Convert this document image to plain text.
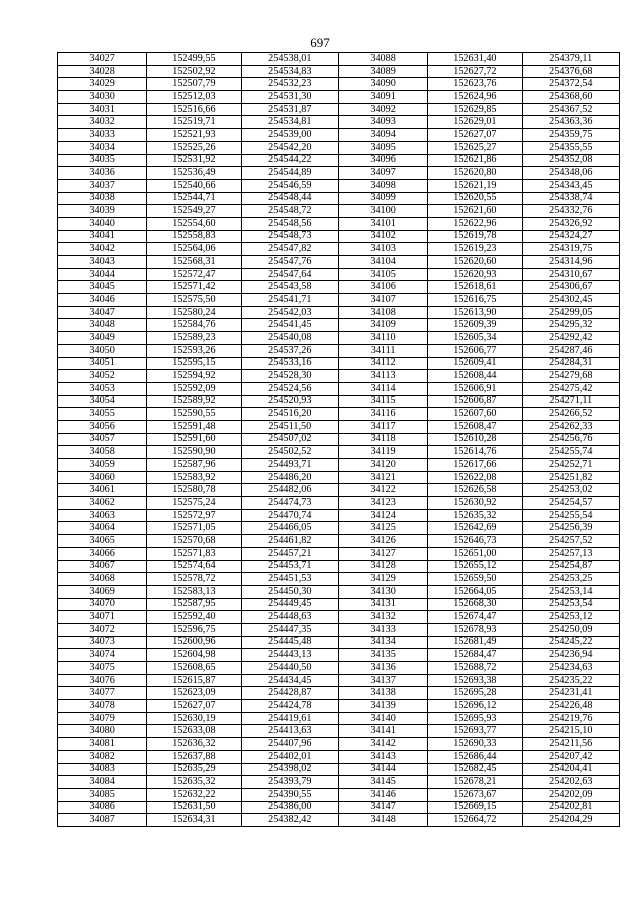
697
34027	152499,55	254538,01	34088	152631,40	254379,11
34028	152502,92	254534,83	34089	152627,72	254376,68
34029	152507,79	254532,23	34090	152623,76	254372,54
34030	152512,03	254531,30	34091	152624,96	254368,60
34031	152516,66	254531,87	34092	152629,85	254367,52
34032	152519,71	254534,81	34093	152629,01	254363,36
34033	152521,93	254539,00	34094	152627,07	254359,75
34034	152525,26	254542,20	34095	152625,27	254355,55
34035	152531,92	254544,22	34096	152621,86	254352,08
34036	152536,49	254544,89	34097	152620,80	254348,06
34037	152540,66	254546,59	34098	152621,19	254343,45
34038	152544,71	254548,44	34099	152620,55	254338,74
34039	152549,27	254548,72	34100	152621,60	254332,76
34040	152554,60	254548,56	34101	152622,96	254326,92
34041	152558,83	254548,73	34102	152619,78	254324,27
34042	152564,06	254547,82	34103	152619,23	254319,75
34043	152568,31	254547,76	34104	152620,60	254314,96
34044	152572,47	254547,64	34105	152620,93	254310,67
34045	152571,42	254543,58	34106	152618,61	254306,67
34046	152575,50	254541,71	34107	152616,75	254302,45
34047	152580,24	254542,03	34108	152613,90	254299,05
34048	152584,76	254541,45	34109	152609,39	254295,32
34049	152589,23	254540,08	34110	152605,34	254292,42
34050	152593,26	254537,26	34111	152606,77	254287,46
34051	152595,15	254533,16	34112	152609,41	254284,31
34052	152594,92	254528,30	34113	152608,44	254279,68
34053	152592,09	254524,56	34114	152606,91	254275,42
34054	152589,92	254520,93	34115	152606,87	254271,11
34055	152590,55	254516,20	34116	152607,60	254266,52
34056	152591,48	254511,50	34117	152608,47	254262,33
34057	152591,60	254507,02	34118	152610,28	254256,76
34058	152590,90	254502,52	34119	152614,76	254255,74
34059	152587,96	254493,71	34120	152617,66	254252,71
34060	152583,92	254486,20	34121	152622,08	254251,82
34061	152580,78	254482,06	34122	152626,58	254253,02
34062	152575,24	254474,73	34123	152630,92	254254,57
34063	152572,97	254470,74	34124	152635,32	254255,54
34064	152571,05	254466,05	34125	152642,69	254256,39
34065	152570,68	254461,82	34126	152646,73	254257,52
34066	152571,83	254457,21	34127	152651,00	254257,13
34067	152574,64	254453,71	34128	152655,12	254254,87
34068	152578,72	254451,53	34129	152659,50	254253,25
34069	152583,13	254450,30	34130	152664,05	254253,14
34070	152587,95	254449,45	34131	152668,30	254253,54
34071	152592,40	254448,63	34132	152674,47	254253,12
34072	152596,75	254447,35	34133	152678,93	254250,09
34073	152600,96	254445,48	34134	152681,49	254245,22
34074	152604,98	254443,13	34135	152684,47	254236,94
34075	152608,65	254440,50	34136	152688,72	254234,63
34076	152615,87	254434,45	34137	152693,38	254235,22
34077	152623,09	254428,87	34138	152695,28	254231,41
34078	152627,07	254424,78	34139	152696,12	254226,48
34079	152630,19	254419,61	34140	152695,93	254219,76
34080	152633,08	254413,63	34141	152693,77	254215,10
34081	152636,32	254407,96	34142	152690,33	254211,56
34082	152637,88	254402,01	34143	152686,44	254207,42
34083	152635,29	254398,02	34144	152682,45	254204,41
34084	152635,32	254393,79	34145	152678,21	254202,63
34085	152632,22	254390,55	34146	152673,67	254202,09
34086	152631,50	254386,00	34147	152669,15	254202,81
34087	152634,31	254382,42	34148	152664,72	254204,29
